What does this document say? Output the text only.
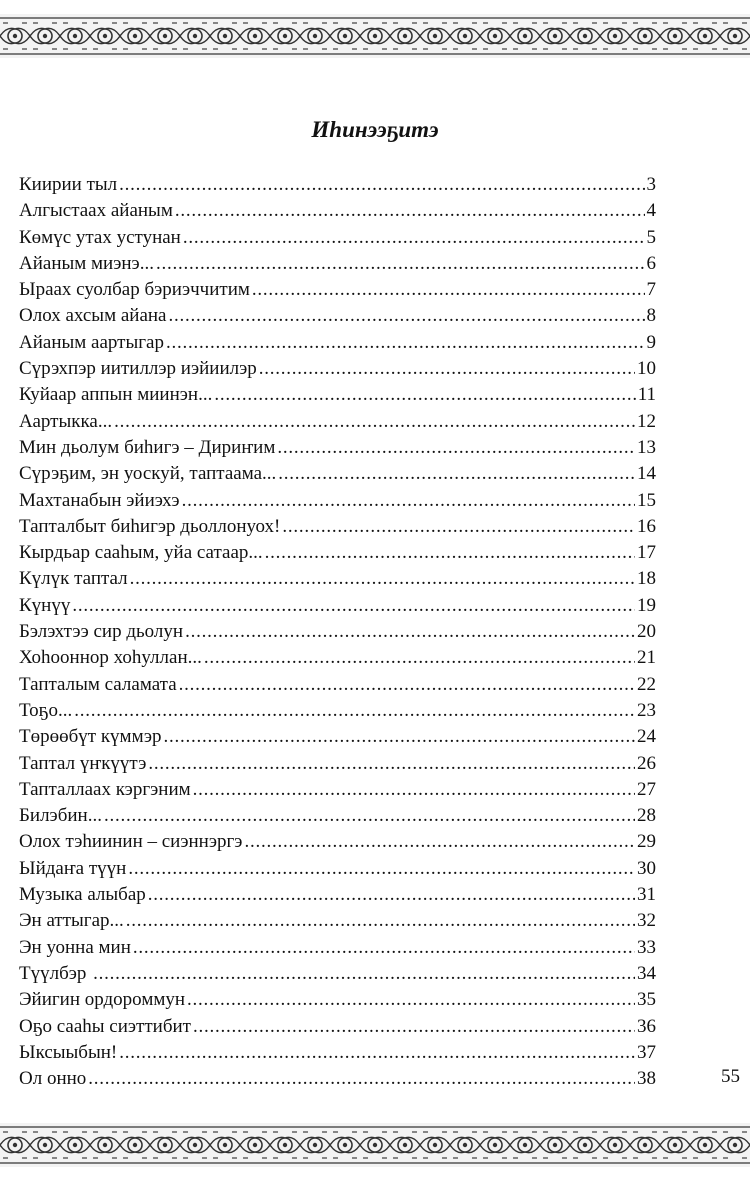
Иhинээҕитэ
Киирии тыл . . .	3
Алгыстаах айаным . . .	4
Көмүс утах устунан . . .	5
Айаным миэнэ... . . .	6
Ыраах суолбар бэриэччитим . . .	7
Олох ахсым айана . . .	8
Айаным аартыгар . . .	9
Сүрэхпэр иитиллэр иэйиилэр . . .	10
Куйаар аппын миинэн... . . .	11
Аартыкка... . . .	12
Мин дьолум биhигэ – Дириҥим . . .	13
Сүрэҕим, эн уоскуй, таптаама... . . .	14
Махтанабын эйиэхэ . . .	15
Тапталбыт биhигэр дьоллонуох! . . .	16
Кырдьар сааhым, уйа сатаар... . . .	17
Күлүк таптал . . .	18
Күнүү . . .	19
Бэлэхтээ сир дьолун . . .	20
Хоhооннор хоhуллан... . . .	21
Тапталым саламата . . .	22
Тоҕо... . . .	23
Төрөөбүт күммэр . . .	24
Таптал үҥкүүтэ . . .	26
Тапталлаах кэргэним . . .	27
Билэбин... . . .	28
Олох тэhиинин – сиэннэргэ . . .	29
Ыйдаҥа түүн . . .	30
Музыка алыбар . . .	31
Эн аттыгар... . . .	32
Эн уонна мин . . .	33
Түүлбэр . . .	34
Эйигин ордороммун . . .	35
Оҕо сааhы сиэттибит . . .	36
Ыксыыбын! . . .	37
Ол онно . . .	38	55
